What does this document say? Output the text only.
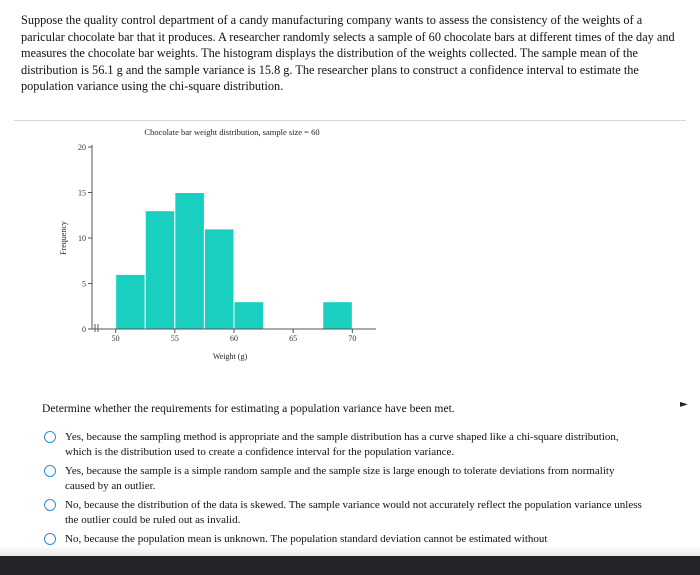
Suppose the quality control department of a candy manufacturing company wants to assess the consistency of the weights of a paricular chocolate bar that it produces. A researcher randomly selects a sample of 60 chocolate bars at different times of the day and measures the chocolate bar weights. The histogram displays the distribution of the weights collected. The sample mean of the distribution is 56.1 g and the sample variance is 15.8 g. The researcher plans to construct a confidence interval to estimate the population variance using the chi-square distribution.
Chocolate bar weight distribution, sample size = 60
Frequency
Weight (g)
0
5
10
15
20
50	55	60	65	70
Determine whether the requirements for estimating a population variance have been met.	►
Yes, because the sampling method is appropriate and the sample distribution has a curve shaped like a chi-square distribution, which is the distribution used to create a confidence interval for the population variance.
Yes, because the sample is a simple random sample and the sample size is large enough to tolerate deviations from normality caused by an outlier.
No, because the distribution of the data is skewed. The sample variance would not accurately reflect the population variance unless the outlier could be ruled out as invalid.
No, because the population mean is unknown. The population standard deviation cannot be estimated without
